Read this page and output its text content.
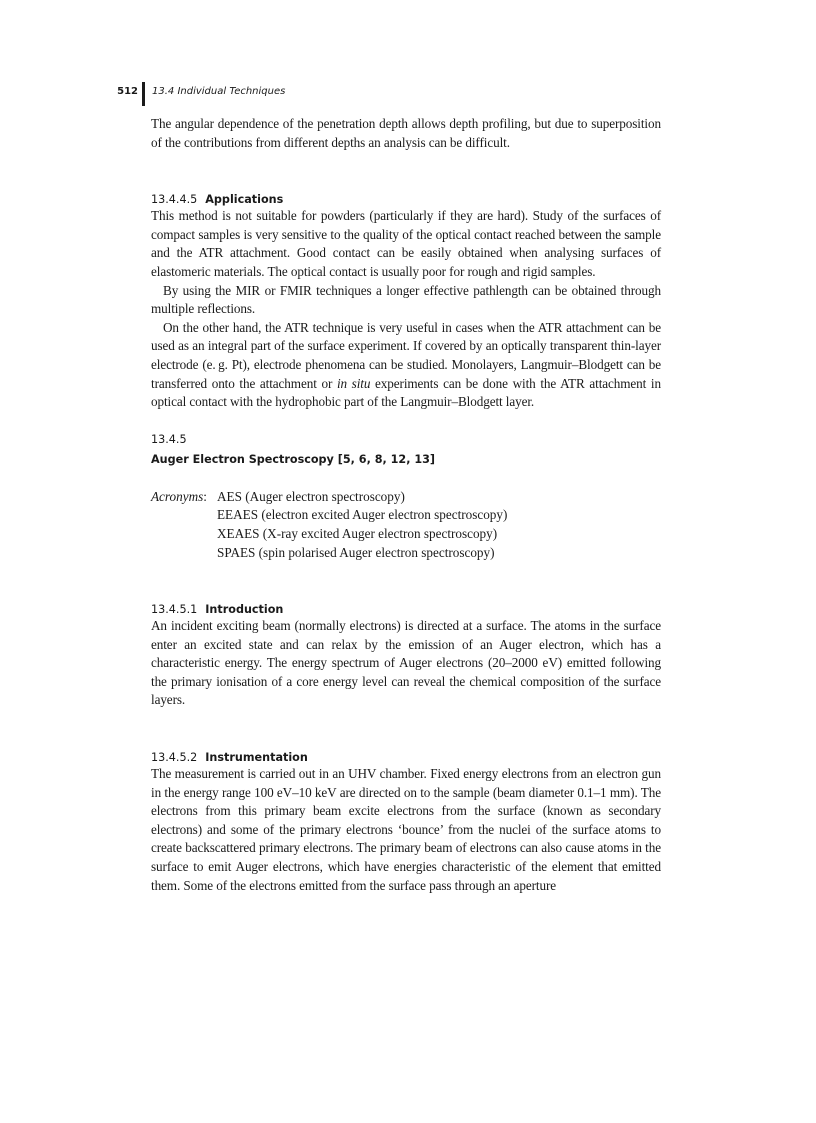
512 13.4 Individual Techniques

The angular dependence of the penetration depth allows depth profiling, but due to superposition of the contributions from different depths an analysis can be difficult.

13.4.4.5 Applications

This method is not suitable for powders (particularly if they are hard). Study of the surfaces of compact samples is very sensitive to the quality of the optical contact reached between the sample and the ATR attachment. Good contact can be easily obtained when analysing surfaces of elastomeric materials. The optical contact is usually poor for rough and rigid samples.

By using the MIR or FMIR techniques a longer effective pathlength can be obtained through multiple reflections.

On the other hand, the ATR technique is very useful in cases when the ATR attachment can be used as an integral part of the surface experiment. If covered by an optically transparent thin-layer electrode (e. g. Pt), electrode phenomena can be studied. Monolayers, Langmuir–Blodgett can be transferred onto the attachment or in situ experiments can be done with the ATR attachment in optical contact with the hydrophobic part of the Langmuir–Blodgett layer.

13.4.5
Auger Electron Spectroscopy [5, 6, 8, 12, 13]
Acronyms: AES (Auger electron spectroscopy)
EEAES (electron excited Auger electron spectroscopy)
XEAES (X-ray excited Auger electron spectroscopy)
SPAES (spin polarised Auger electron spectroscopy)
13.4.5.1 Introduction

An incident exciting beam (normally electrons) is directed at a surface. The atoms in the surface enter an excited state and can relax by the emission of an Auger electron, which has a characteristic energy. The energy spectrum of Auger electrons (20–2000 eV) emitted following the primary ionisation of a core energy level can reveal the chemical composition of the surface layers.

13.4.5.2 Instrumentation

The measurement is carried out in an UHV chamber. Fixed energy electrons from an electron gun in the energy range 100 eV–10 keV are directed on to the sample (beam diameter 0.1–1 mm). The electrons from this primary beam excite electrons from the surface (known as secondary electrons) and some of the primary electrons ‘bounce’ from the nuclei of the surface atoms to create backscattered primary electrons. The primary beam of electrons can also cause atoms in the surface to emit Auger electrons, which have energies characteristic of the element that emitted them. Some of the electrons emitted from the surface pass through an aperture
